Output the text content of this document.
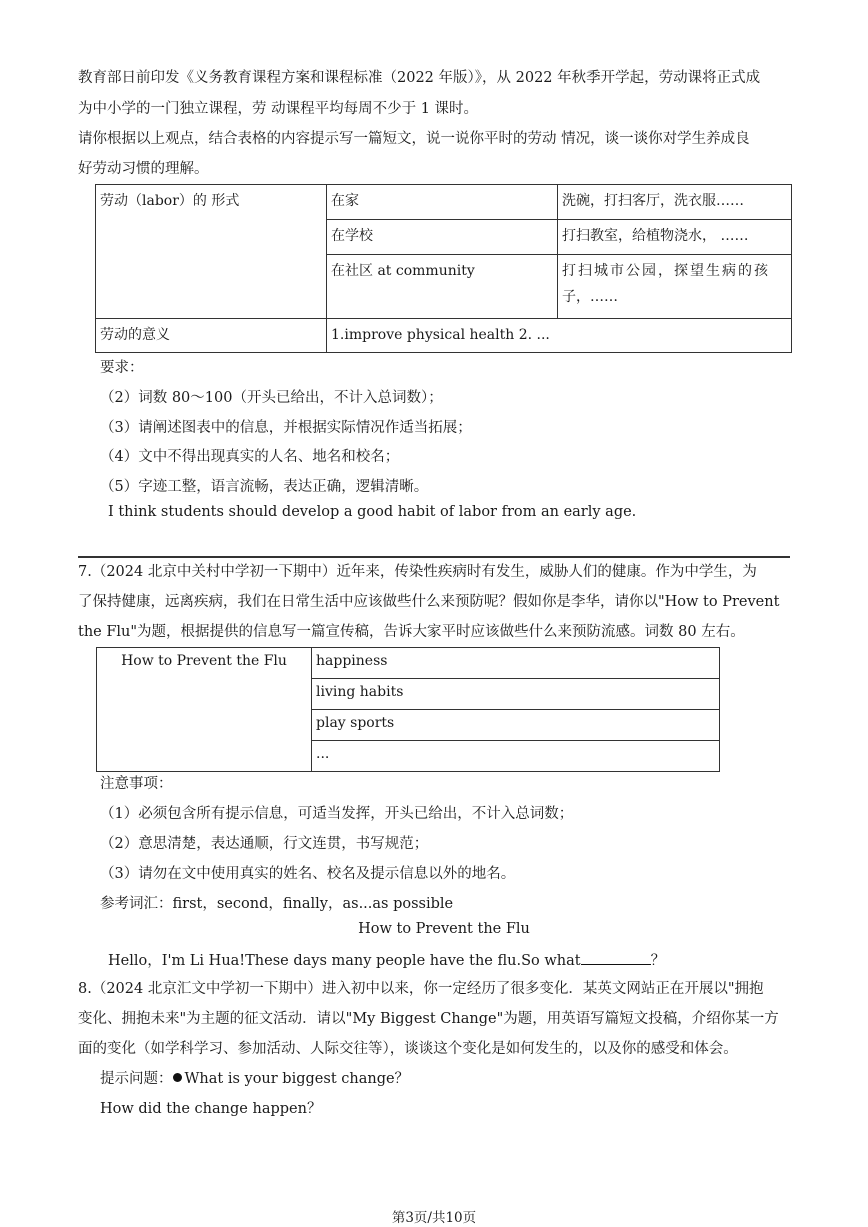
教育部日前印发《义务教育课程方案和课程标准（2022 年版）》，从 2022 年秋季开学起，劳动课将正式成
为中小学的一门独立课程，劳 动课程平均每周不少于 1 课时。
请你根据以上观点，结合表格的内容提示写一篇短文，说一说你平时的劳动 情况，谈一谈你对学生养成良
好劳动习惯的理解。
劳动（labor）的 形式	在家	洗碗，打扫客厅，洗衣服……
	在学校	打扫教室，给植物浇水， ……
	在社区 at community	打扫城市公园，探望生病的孩
子，……

劳动的意义	1.improve physical health 2. ...	
要求：
（2）词数 80～100（开头已给出，不计入总词数）；
（3）请阐述图表中的信息，并根据实际情况作适当拓展；
（4）文中不得出现真实的人名、地名和校名；
（5）字迹工整，语言流畅，表达正确，逻辑清晰。
I think students should develop a good habit of labor from an early age.
7.（2024 北京中关村中学初一下期中）近年来，传染性疾病时有发生，威胁人们的健康。作为中学生，为
了保持健康，远离疾病，我们在日常生活中应该做些什么来预防呢？假如你是李华，请你以"How to Prevent
the Flu"为题，根据提供的信息写一篇宣传稿，告诉大家平时应该做些什么来预防流感。词数 80 左右。
How to Prevent the Flu	happiness
living habits
play sports
...
注意事项：
（1）必须包含所有提示信息，可适当发挥，开头已给出，不计入总词数；
（2）意思清楚，表达通顺，行文连贯，书写规范；
（3）请勿在文中使用真实的姓名、校名及提示信息以外的地名。
参考词汇：first，second，finally，as...as possible
How to Prevent the Flu
Hello，I'm Li Hua!These days many people have the flu.So what	？
8.（2024 北京汇文中学初一下期中）进入初中以来，你一定经历了很多变化．某英文网站正在开展以"拥抱
变化、拥抱未来"为主题的征文活动．请以"My Biggest Change"为题，用英语写篇短文投稿，介绍你某一方
面的变化（如学科学习、参加活动、人际交往等），谈谈这个变化是如何发生的，以及你的感受和体会。
提示问题： What is your biggest change？
How did the change happen？
第3页/共10页
